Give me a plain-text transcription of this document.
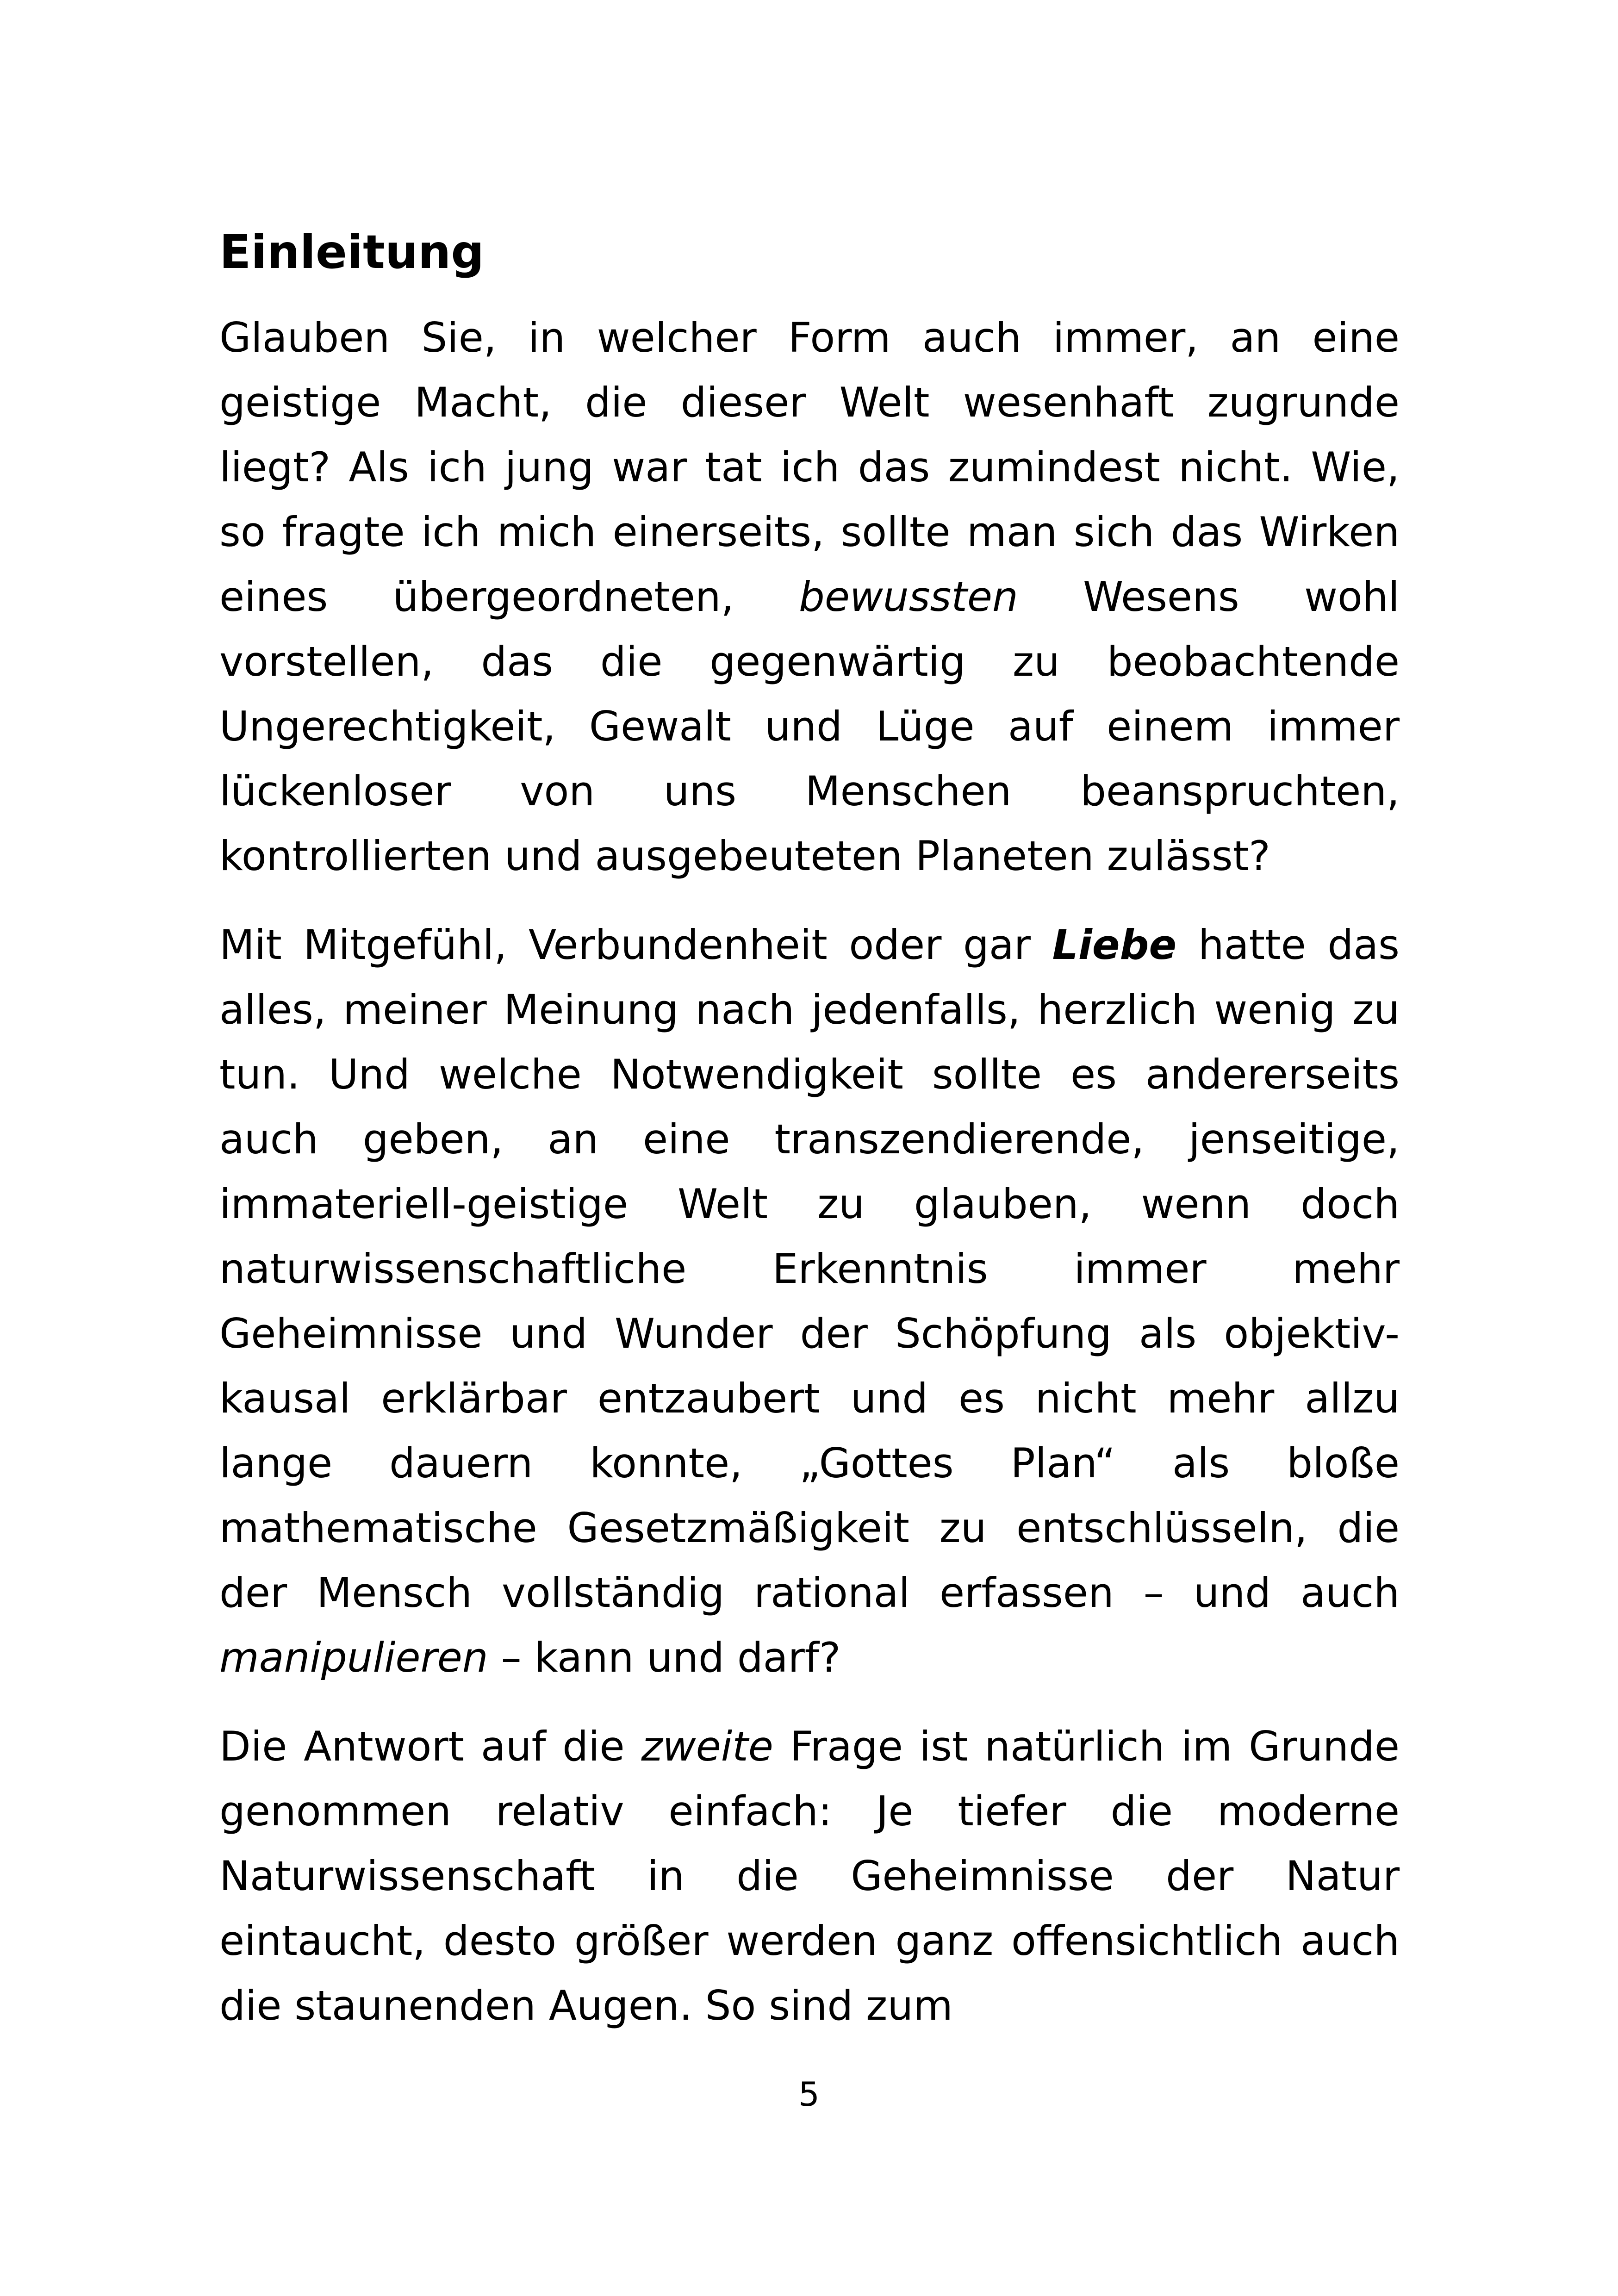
Einleitung

Glauben Sie, in welcher Form auch immer, an eine geistige Macht, die dieser Welt wesenhaft zugrunde liegt? Als ich jung war tat ich das zumindest nicht. Wie, so fragte ich mich einerseits, sollte man sich das Wirken eines übergeordneten, bewussten Wesens wohl vorstellen, das die gegenwärtig zu beobachtende Ungerechtigkeit, Gewalt und Lüge auf einem immer lückenloser von uns Menschen beanspruchten, kontrollierten und ausgebeuteten Planeten zulässt?

Mit Mitgefühl, Verbundenheit oder gar Liebe hatte das alles, meiner Meinung nach jedenfalls, herzlich wenig zu tun. Und welche Notwendigkeit sollte es andererseits auch geben, an eine transzendierende, jenseitige, immateriell-geistige Welt zu glauben, wenn doch naturwissenschaftliche Erkenntnis immer mehr Geheimnisse und Wunder der Schöpfung als objektiv-kausal erklärbar entzaubert und es nicht mehr allzu lange dauern konnte, „Gottes Plan“ als bloße mathematische Gesetzmäßigkeit zu entschlüsseln, die der Mensch vollständig rational erfassen – und auch manipulieren – kann und darf?

Die Antwort auf die zweite Frage ist natürlich im Grunde genommen relativ einfach: Je tiefer die moderne Naturwissenschaft in die Geheimnisse der Natur eintaucht, desto größer werden ganz offensichtlich auch die staunenden Augen. So sind zum

5
